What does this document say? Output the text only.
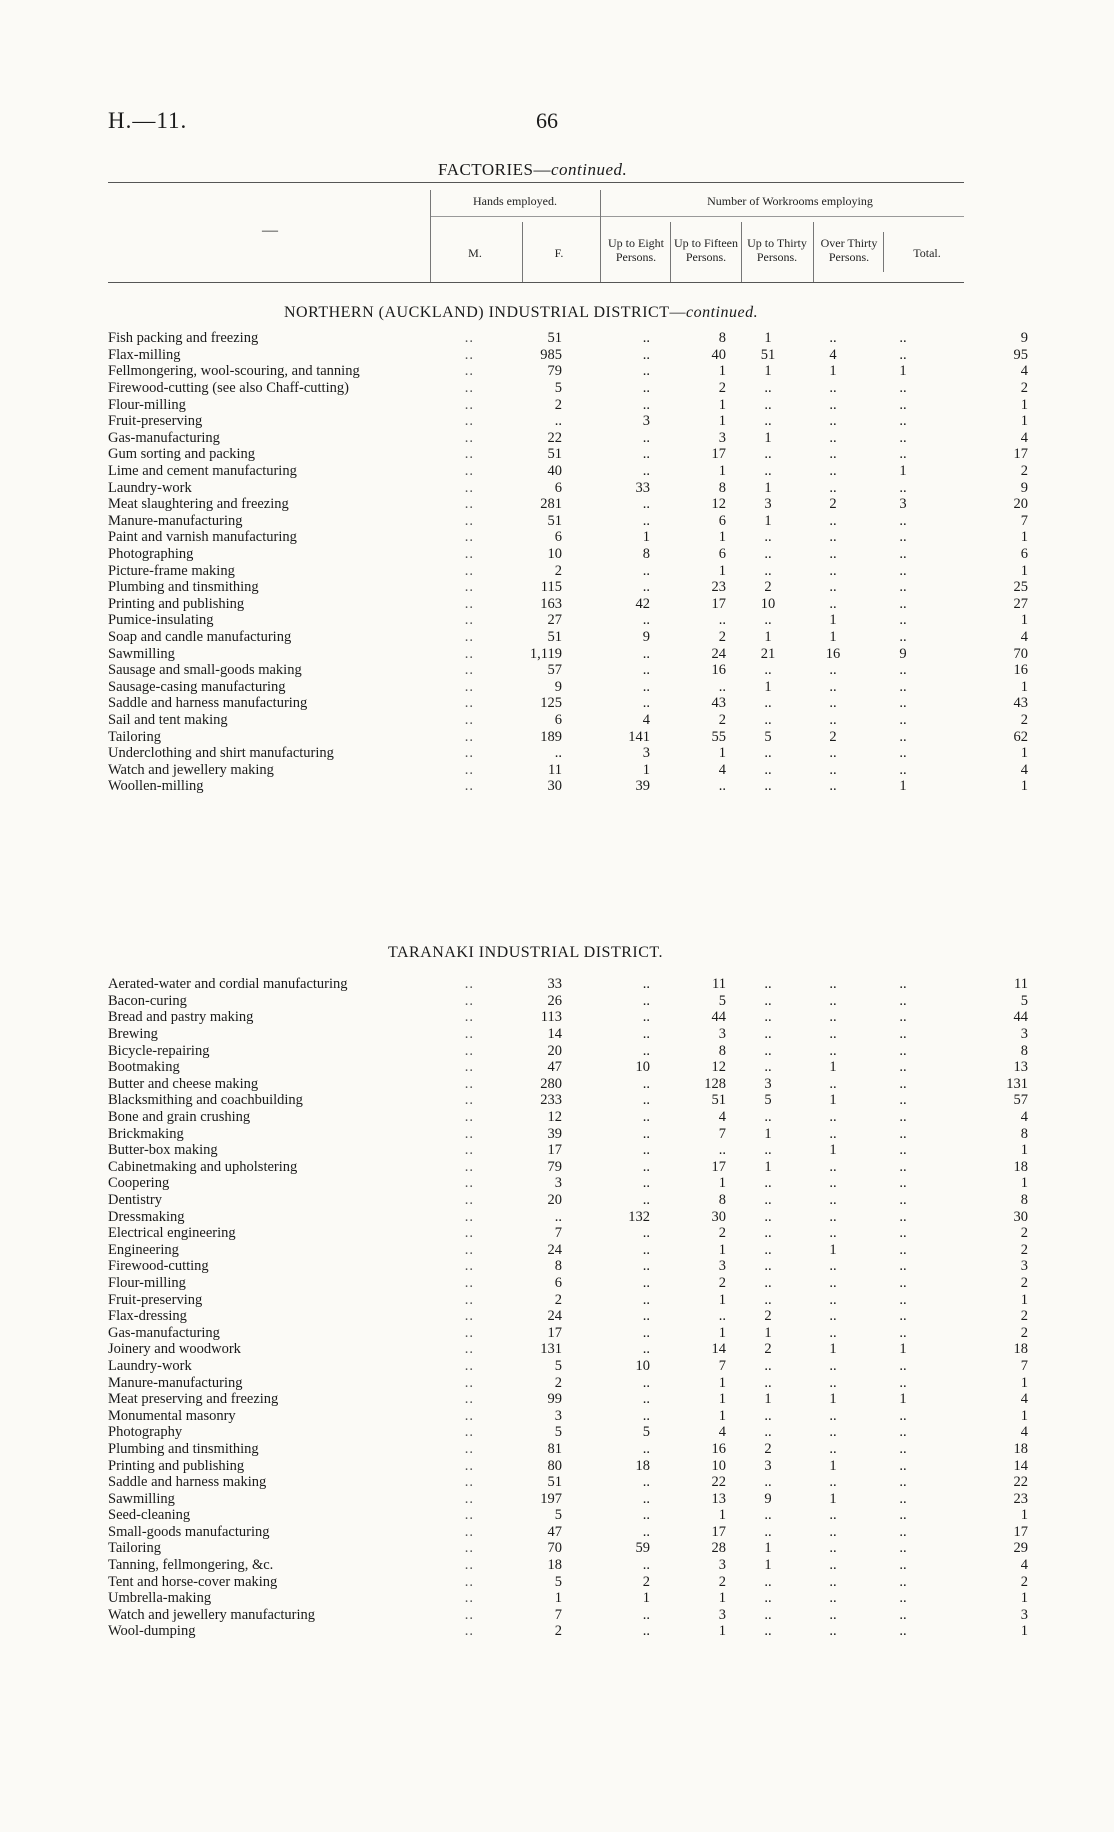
H.—11.	66
FACTORIES—continued.
—
Hands employed.	Number of Workrooms employing
M.	F.
Up to Eight Persons.
Up to Fifteen Persons.
Up to Thirty Persons.
Over Thirty Persons.	Total.
NORTHERN (AUCKLAND) INDUSTRIAL DISTRICT—continued.
Fish packing and freezing	..	51	..	8	1	..	..	9
Flax-milling	..	985	..	40	51	4	..	95
Fellmongering, wool-scouring, and tanning	..	79	..	1	1	1	1	4
Firewood-cutting (see also Chaff-cutting)	..	5	..	2	..	..	..	2
Flour-milling	..	2	..	1	..	..	..	1
Fruit-preserving	..	..	3	1	..	..	..	1
Gas-manufacturing	..	22	..	3	1	..	..	4
Gum sorting and packing	..	51	..	17	..	..	..	17
Lime and cement manufacturing	..	40	..	1	..	..	1	2
Laundry-work	..	6	33	8	1	..	..	9
Meat slaughtering and freezing	..	281	..	12	3	2	3	20
Manure-manufacturing	..	51	..	6	1	..	..	7
Paint and varnish manufacturing	..	6	1	1	..	..	..	1
Photographing	..	10	8	6	..	..	..	6
Picture-frame making	..	2	..	1	..	..	..	1
Plumbing and tinsmithing	..	115	..	23	2	..	..	25
Printing and publishing	..	163	42	17	10	..	..	27
Pumice-insulating	..	27	..	..	..	1	..	1
Soap and candle manufacturing	..	51	9	2	1	1	..	4
Sawmilling	..	1,119	..	24	21	16	9	70
Sausage and small-goods making	..	57	..	16	..	..	..	16
Sausage-casing manufacturing	..	9	..	..	1	..	..	1
Saddle and harness manufacturing	..	125	..	43	..	..	..	43
Sail and tent making	..	6	4	2	..	..	..	2
Tailoring	..	189	141	55	5	2	..	62
Underclothing and shirt manufacturing	..	..	3	1	..	..	..	1
Watch and jewellery making	..	11	1	4	..	..	..	4
Woollen-milling	..	30	39	..	..	..	1	1
TARANAKI INDUSTRIAL DISTRICT.
Aerated-water and cordial manufacturing	..	33	..	11	..	..	..	11
Bacon-curing	..	26	..	5	..	..	..	5
Bread and pastry making	..	113	..	44	..	..	..	44
Brewing	..	14	..	3	..	..	..	3
Bicycle-repairing	..	20	..	8	..	..	..	8
Bootmaking	..	47	10	12	..	1	..	13
Butter and cheese making	..	280	..	128	3	..	..	131
Blacksmithing and coachbuilding	..	233	..	51	5	1	..	57
Bone and grain crushing	..	12	..	4	..	..	..	4
Brickmaking	..	39	..	7	1	..	..	8
Butter-box making	..	17	..	..	..	1	..	1
Cabinetmaking and upholstering	..	79	..	17	1	..	..	18
Coopering	..	3	..	1	..	..	..	1
Dentistry	..	20	..	8	..	..	..	8
Dressmaking	..	..	132	30	..	..	..	30
Electrical engineering	..	7	..	2	..	..	..	2
Engineering	..	24	..	1	..	1	..	2
Firewood-cutting	..	8	..	3	..	..	..	3
Flour-milling	..	6	..	2	..	..	..	2
Fruit-preserving	..	2	..	1	..	..	..	1
Flax-dressing	..	24	..	..	2	..	..	2
Gas-manufacturing	..	17	..	1	1	..	..	2
Joinery and woodwork	..	131	..	14	2	1	1	18
Laundry-work	..	5	10	7	..	..	..	7
Manure-manufacturing	..	2	..	1	..	..	..	1
Meat preserving and freezing	..	99	..	1	1	1	1	4
Monumental masonry	..	3	..	1	..	..	..	1
Photography	..	5	5	4	..	..	..	4
Plumbing and tinsmithing	..	81	..	16	2	..	..	18
Printing and publishing	..	80	18	10	3	1	..	14
Saddle and harness making	..	51	..	22	..	..	..	22
Sawmilling	..	197	..	13	9	1	..	23
Seed-cleaning	..	5	..	1	..	..	..	1
Small-goods manufacturing	..	47	..	17	..	..	..	17
Tailoring	..	70	59	28	1	..	..	29
Tanning, fellmongering, &c.	..	18	..	3	1	..	..	4
Tent and horse-cover making	..	5	2	2	..	..	..	2
Umbrella-making	..	1	1	1	..	..	..	1
Watch and jewellery manufacturing	..	7	..	3	..	..	..	3
Wool-dumping	..	2	..	1	..	..	..	1
